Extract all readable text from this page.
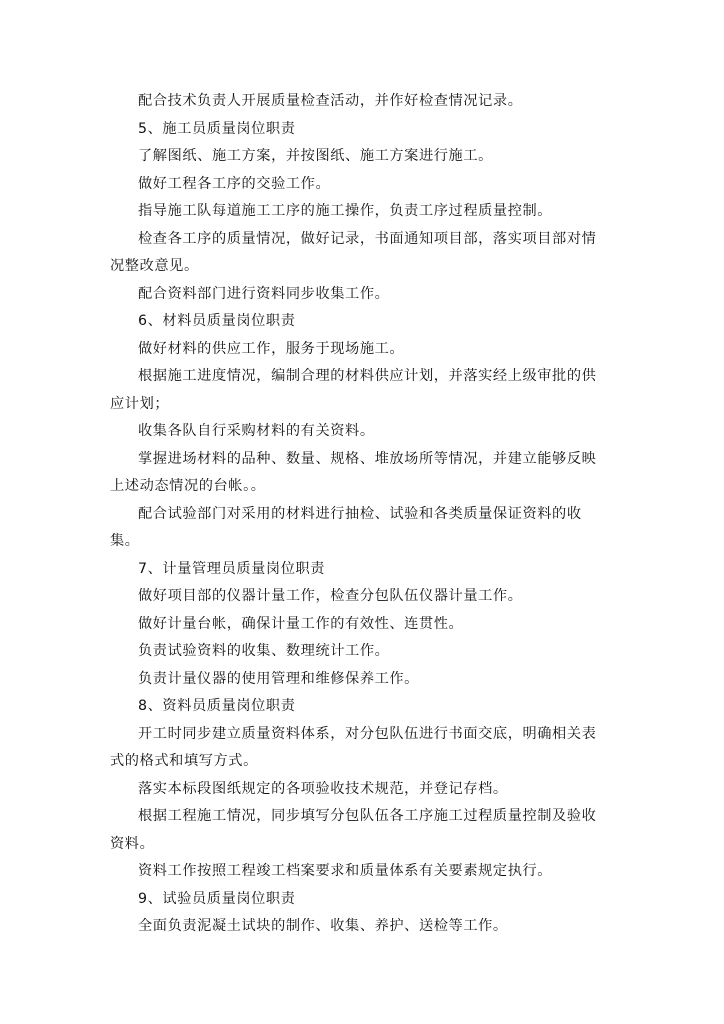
配合技术负责人开展质量检查活动，并作好检查情况记录。

5、施工员质量岗位职责

了解图纸、施工方案，并按图纸、施工方案进行施工。

做好工程各工序的交验工作。

指导施工队每道施工工序的施工操作，负责工序过程质量控制。

检查各工序的质量情况，做好记录，书面通知项目部，落实项目部对情况整改意见。

配合资料部门进行资料同步收集工作。

6、材料员质量岗位职责

做好材料的供应工作，服务于现场施工。

根据施工进度情况，编制合理的材料供应计划，并落实经上级审批的供应计划；

收集各队自行采购材料的有关资料。

掌握进场材料的品种、数量、规格、堆放场所等情况，并建立能够反映上述动态情况的台帐。。

配合试验部门对采用的材料进行抽检、试验和各类质量保证资料的收集。

7、计量管理员质量岗位职责

做好项目部的仪器计量工作，检查分包队伍仪器计量工作。

做好计量台帐，确保计量工作的有效性、连贯性。

负责试验资料的收集、数理统计工作。

负责计量仪器的使用管理和维修保养工作。

8、资料员质量岗位职责

开工时同步建立质量资料体系，对分包队伍进行书面交底，明确相关表式的格式和填写方式。

落实本标段图纸规定的各项验收技术规范，并登记存档。

根据工程施工情况，同步填写分包队伍各工序施工过程质量控制及验收资料。

资料工作按照工程竣工档案要求和质量体系有关要素规定执行。

9、试验员质量岗位职责

全面负责泥凝土试块的制作、收集、养护、送检等工作。
